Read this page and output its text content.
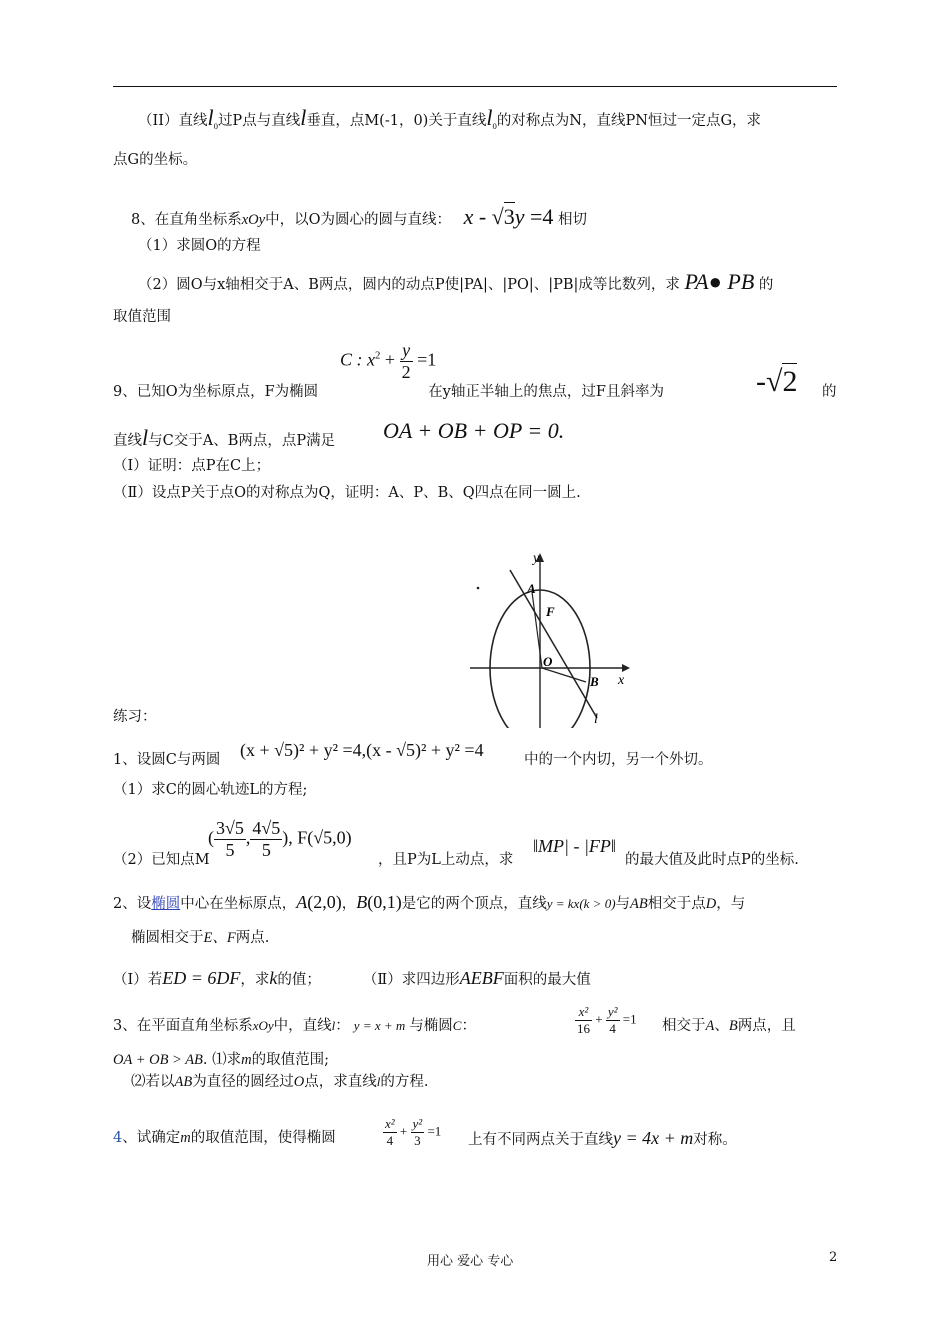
（II）直线$l_0$过P点与直线l垂直，点M(-1，0)关于直线$l_0$的对称点为N，直线PN恒过一定点G，求
点G的坐标。
8、在直角坐标系xOy中，以O为圆心的圆与直线： x - √3y =4 相切
（1）求圆O的方程
（2）圆O与x轴相交于A、B两点，圆内的动点P使|PA|、|PO|、|PB|成等比数列，求 PA● PB 的
取值范围
C : $x^2 + \frac{y}{2} =1$
9、已知O为坐标原点，F为椭圆	在y轴正半轴上的焦点，过F且斜率为	-√2 的
直线l与C交于A、B两点，点P满足 OA + OB + OP = 0.
（Ⅰ）证明：点P在C上；
（Ⅱ）设点P关于点O的对称点为Q，证明：A、P、B、Q四点在同一圆上.
y
x
A
F
O
B
l
练习：
1、设圆C与两圆 (x + √5)² + y² =4,(x - √5)² + y² =4	中的一个内切，另一个外切。
（1）求C的圆心轨迹L的方程;
（2）已知点M
( $\frac{3√5}{5}$ , $\frac{4√5}{5}$ ), F(√5,0)
，且P为L上动点，求
‖MP| - |FP‖
的最大值及此时点P的坐标.
2、设椭圆中心在坐标原点，A(2,0)，B(0,1)是它的两个顶点，直线y = kx(k > 0)与AB相交于点D，与
椭圆相交于E、F两点.
（Ⅰ）若ED = 6DF，求k的值；	（Ⅱ）求四边形AEBF面积的最大值
3、在平面直角坐标系xOy中，直线l： y = x + m 与椭圆C：	$\frac{\text{x²}}{16} + \frac{\text{y²}}{4} =1$ 相交于A、B两点，且
OA + OB > AB. ⑴求m的取值范围;
⑵若以AB为直径的圆经过O点，求直线l的方程.
4、试确定m的取值范围，使得椭圆	$\frac{\text{x²}}{4} + \frac{\text{y²}}{3} =1$
上有不同两点关于直线y = 4x + m对称。
用心 爱心 专心	2
